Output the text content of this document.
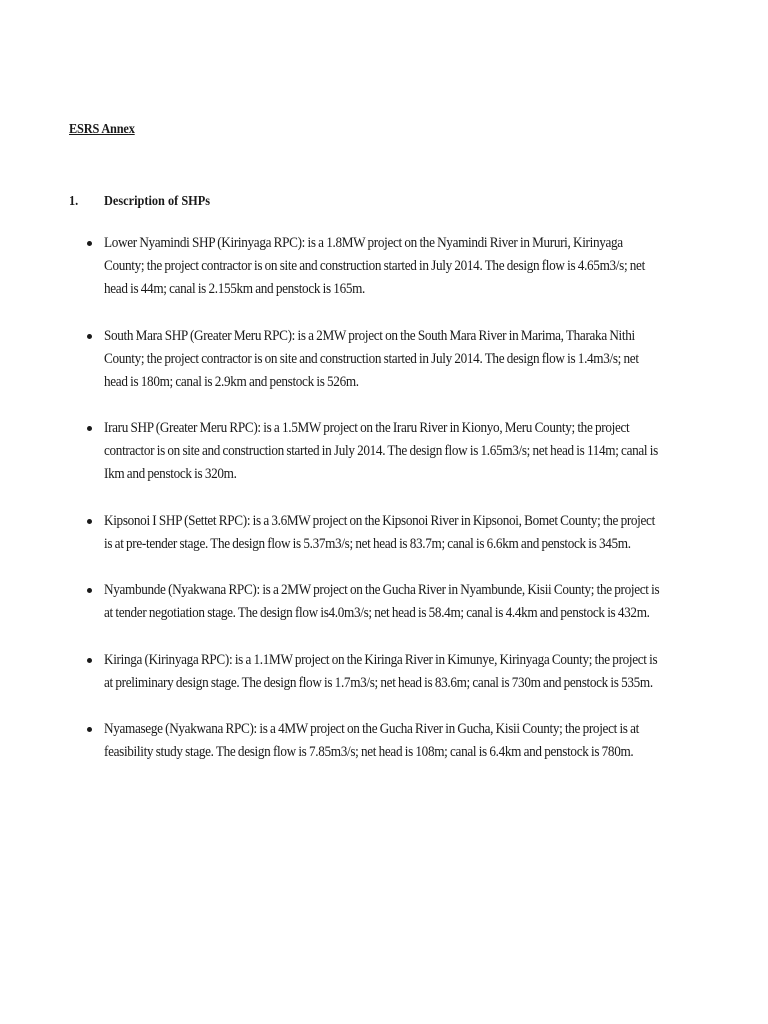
ESRS Annex
1. Description of SHPs
Lower Nyamindi SHP (Kirinyaga RPC): is a 1.8MW project on the Nyamindi River in Mururi, Kirinyaga County; the project contractor is on site and construction started in July 2014. The design flow is 4.65m3/s; net head is 44m; canal is 2.155km and penstock is 165m.
South Mara SHP (Greater Meru RPC): is a 2MW project on the South Mara River in Marima, Tharaka Nithi County; the project contractor is on site and construction started in July 2014. The design flow is 1.4m3/s; net head is 180m; canal is 2.9km and penstock is 526m.
Iraru SHP (Greater Meru RPC): is a 1.5MW project on the Iraru River in Kionyo, Meru County; the project contractor is on site and construction started in July 2014. The design flow is 1.65m3/s; net head is 114m; canal is Ikm and penstock is 320m.
Kipsonoi I SHP (Settet RPC): is a 3.6MW project on the Kipsonoi River in Kipsonoi, Bomet County; the project is at pre-tender stage. The design flow is 5.37m3/s; net head is 83.7m; canal is 6.6km and penstock is 345m.
Nyambunde (Nyakwana RPC): is a 2MW project on the Gucha River in Nyambunde, Kisii County; the project is at tender negotiation stage. The design flow is4.0m3/s; net head is 58.4m; canal is 4.4km and penstock is 432m.
Kiringa (Kirinyaga RPC): is a 1.1MW project on the Kiringa River in Kimunye, Kirinyaga County; the project is at preliminary design stage. The design flow is 1.7m3/s; net head is 83.6m; canal is 730m and penstock is 535m.
Nyamasege (Nyakwana RPC): is a 4MW project on the Gucha River in Gucha, Kisii County; the project is at feasibility study stage. The design flow is 7.85m3/s; net head is 108m; canal is 6.4km and penstock is 780m.
